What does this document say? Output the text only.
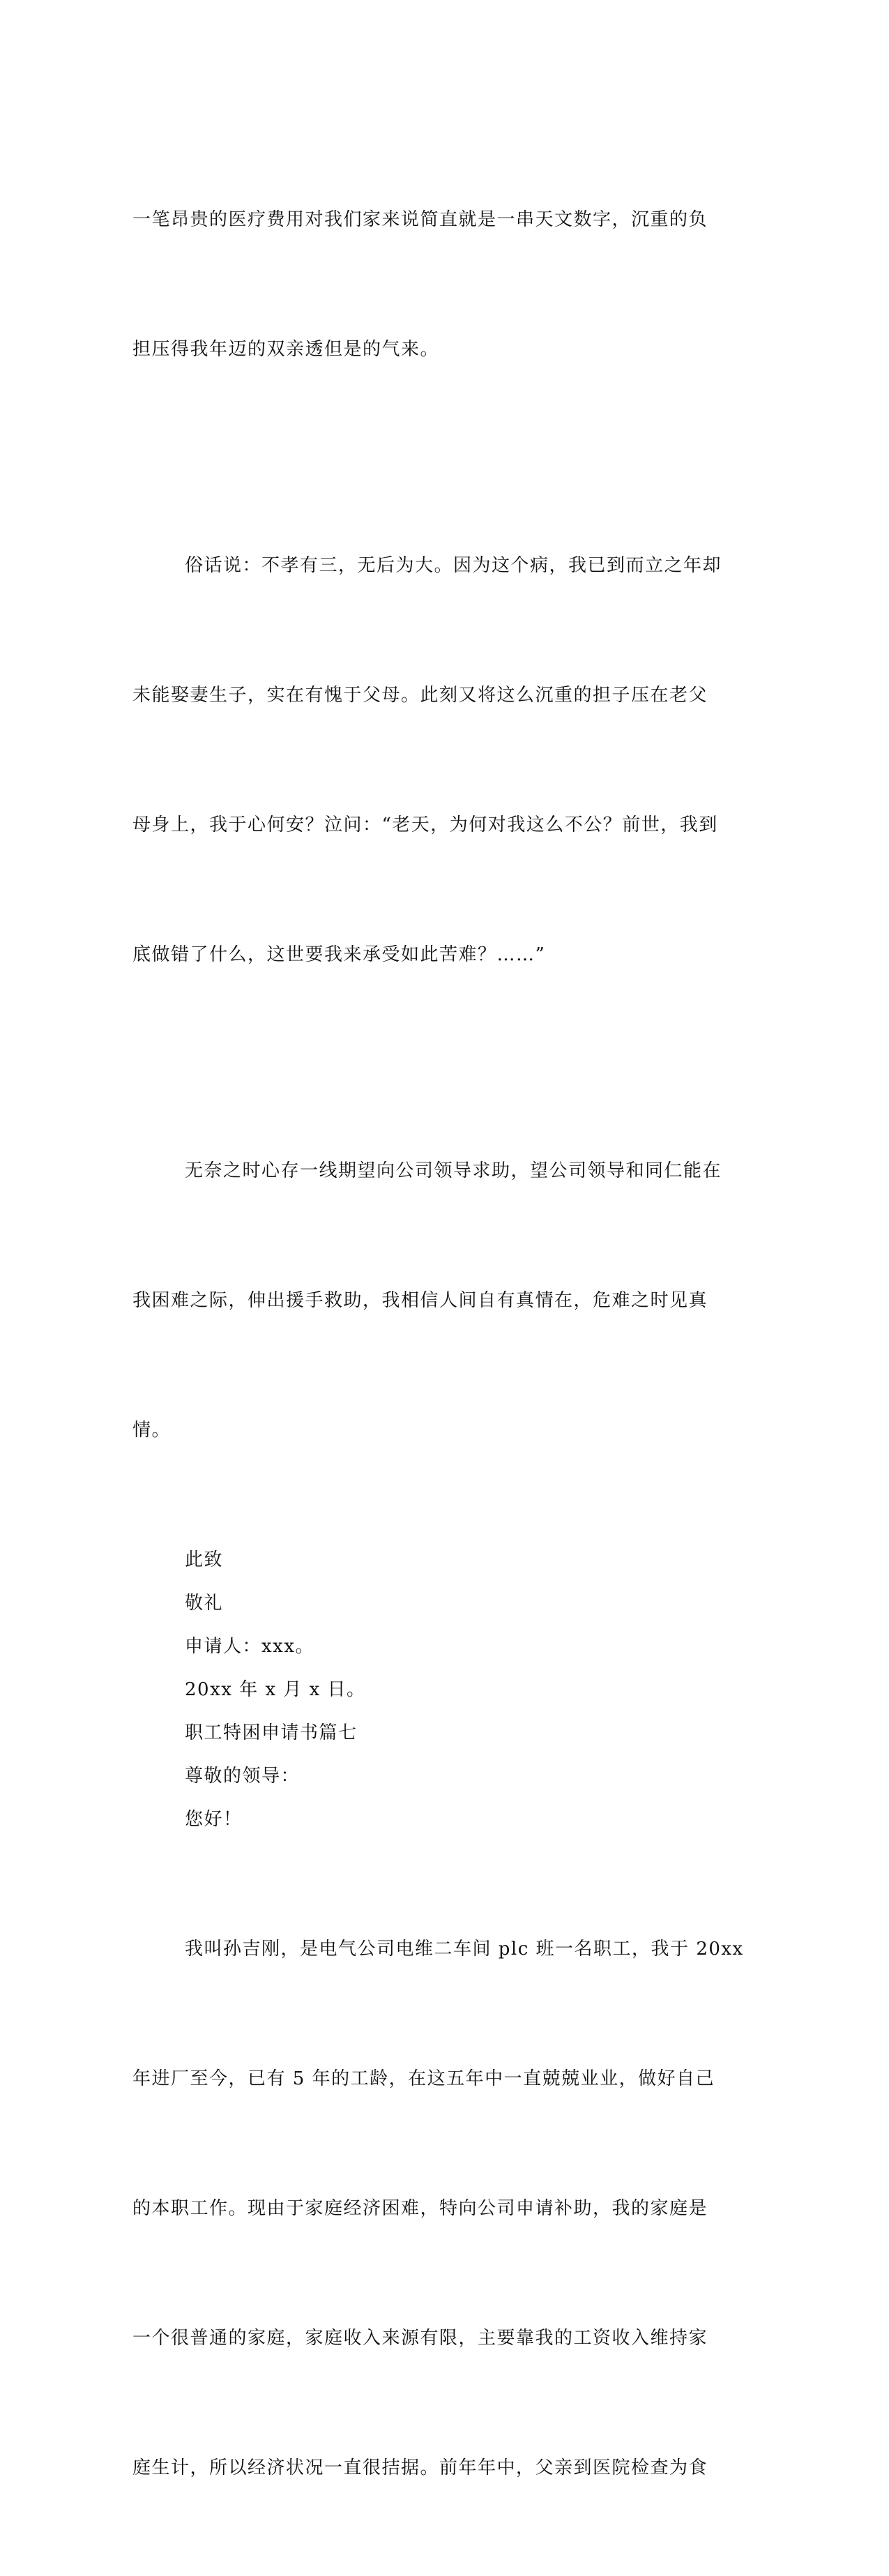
一笔昂贵的医疗费用对我们家来说简直就是一串天文数字，沉重的负

担压得我年迈的双亲透但是的气来。

俗话说：不孝有三，无后为大。因为这个病，我已到而立之年却

未能娶妻生子，实在有愧于父母。此刻又将这么沉重的担子压在老父

母身上，我于心何安？泣问：“老天，为何对我这么不公？前世，我到

底做错了什么，这世要我来承受如此苦难？……”

无奈之时心存一线期望向公司领导求助，望公司领导和同仁能在

我困难之际，伸出援手救助，我相信人间自有真情在，危难之时见真

情。

此致

敬礼

申请人：xxx。

20xx 年 x 月 x 日。

职工特困申请书篇七

尊敬的领导：

您好！

我叫孙吉刚，是电气公司电维二车间 plc 班一名职工，我于 20xx

年进厂至今，已有 5 年的工龄，在这五年中一直兢兢业业，做好自己

的本职工作。现由于家庭经济困难，特向公司申请补助，我的家庭是

一个很普通的家庭，家庭收入来源有限，主要靠我的工资收入维持家

庭生计，所以经济状况一直很拮据。前年年中，父亲到医院检查为食
